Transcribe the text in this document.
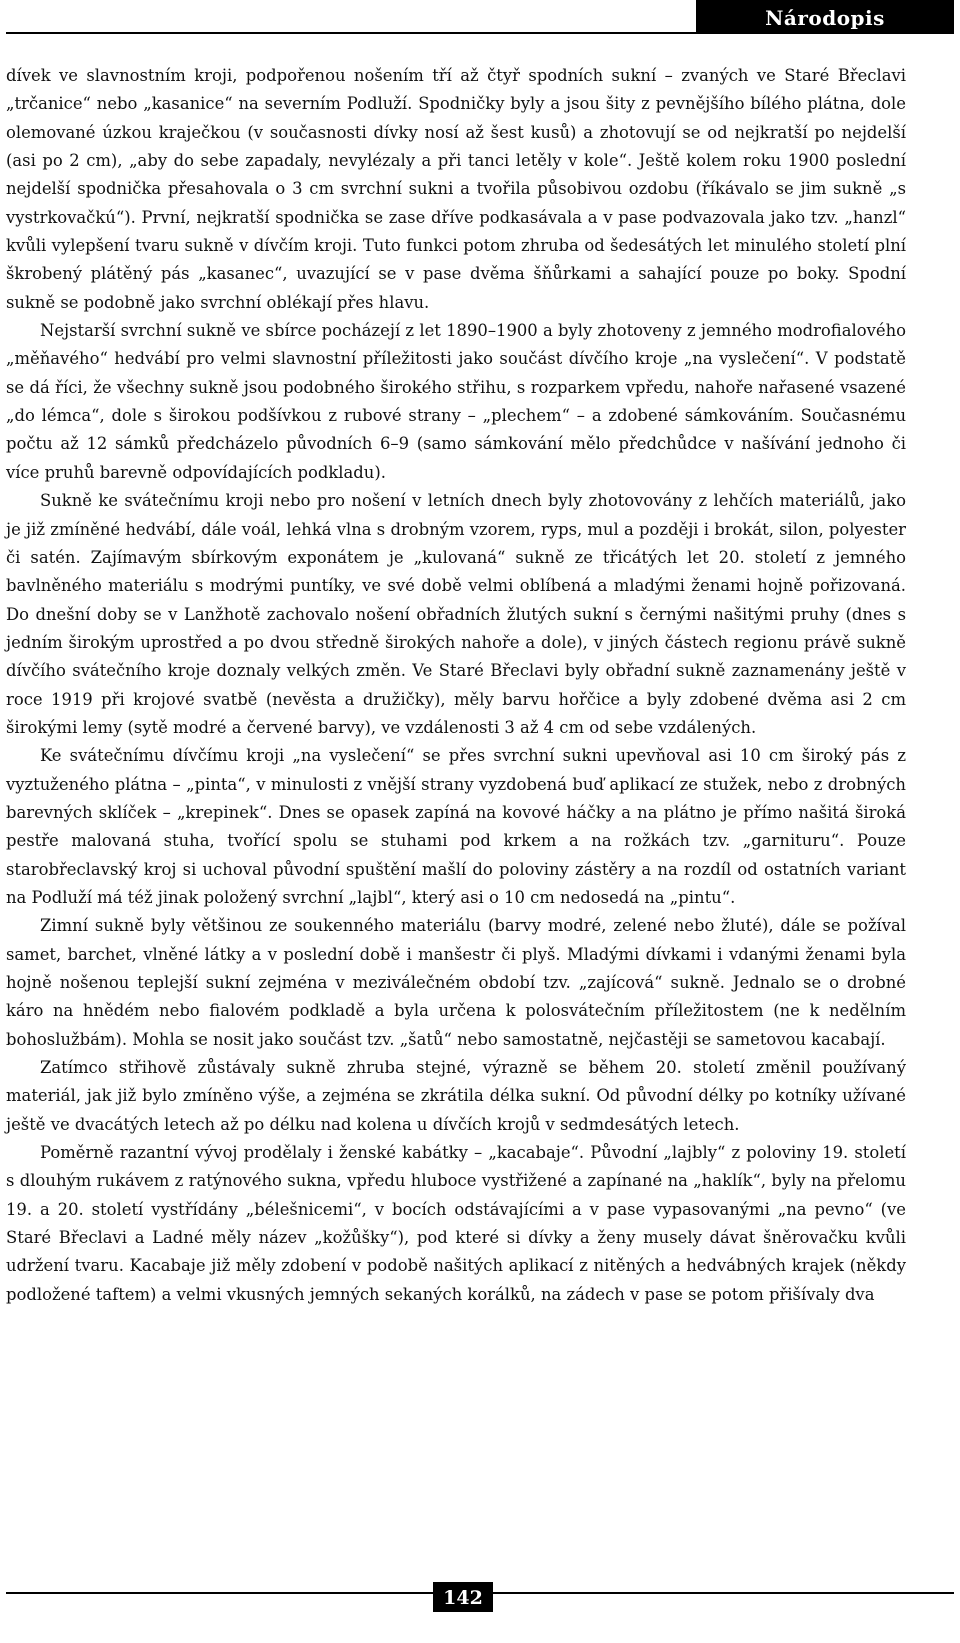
Národopis

dívek ve slavnostním kroji, podpořenou nošením tří až čtyř spodních suknı́ – zvaných ve Staré Břeclavi „trčanice“ nebo „kasanice“ na severním Podluží. Spodničky byly a jsou šity z pevnějšího bílého plátna, dole olemované úzkou kraječkou (v současnosti dívky nosí až šest kusů) a zhotovují se od nejkratší po nejdelší (asi po 2 cm), „aby do sebe zapadaly, nevylézaly a při tanci letěly v kole“. Ještě kolem roku 1900 poslední nejdelší spodnička přesahovala o 3 cm svrchní sukni a tvořila působivou ozdobu (říkávalo se jim sukně „s vystrkovačkú“). První, nejkratší spodnička se zase dříve podkasávala a v pase podvazovala jako tzv. „hanzl“ kvůli vylepšení tvaru sukně v dívčím kroji. Tuto funkci potom zhruba od šedesátých let minulého století plní škrobený plátěný pás „kasanec“, uvazující se v pase dvěma šňůrkami a sahající pouze po boky. Spodní sukně se podobně jako svrchní oblékají přes hlavu.

Nejstarší svrchní sukně ve sbírce pocházejí z let 1890–1900 a byly zhotoveny z jemného modrofialového „měňavého“ hedvábí pro velmi slavnostní příležitosti jako součást dívčího kroje „na vyslečení“. V podstatě se dá říci, že všechny sukně jsou podobného širokého střihu, s rozparkem vpředu, nahoře nařasené vsazené „do lémca“, dole s širokou podšívkou z rubové strany – „plechem“ – a zdobené sámkováním. Současnému počtu až 12 sámků předcházelo původních 6–9 (samo sámkování mělo předchůdce v našívání jednoho či více pruhů barevně odpovídajících podkladu).

Sukně ke svátečnímu kroji nebo pro nošení v letních dnech byly zhotovovány z lehčích materiálů, jako je již zmíněné hedvábí, dále voál, lehká vlna s drobným vzorem, ryps, mul a později i brokát, silon, polyester či satén. Zajímavým sbírkovým exponátem je „kulovaná“ sukně ze třicátých let 20. století z jemného bavlněného materiálu s modrými puntíky, ve své době velmi oblíbená a mladými ženami hojně pořizovaná. Do dnešní doby se v Lanžhotě zachovalo nošení obřadních žlutých sukní s černými našitými pruhy (dnes s jedním širokým uprostřed a po dvou středně širokých nahoře a dole), v jiných částech regionu právě sukně dívčího svátečního kroje doznaly velkých změn. Ve Staré Břeclavi byly obřadní sukně zaznamenány ještě v roce 1919 při krojové svatbě (nevěsta a družičky), měly barvu hořčice a byly zdobené dvěma asi 2 cm širokými lemy (sytě modré a červené barvy), ve vzdálenosti 3 až 4 cm od sebe vzdálených.

Ke svátečnímu dívčímu kroji „na vyslečení“ se přes svrchní sukni upevňoval asi 10 cm široký pás z vyztuženého plátna – „pinta“, v minulosti z vnější strany vyzdobená buď aplikací ze stužek, nebo z drobných barevných sklíček – „krepinek“. Dnes se opasek zapíná na kovové háčky a na plátno je přímo našitá široká pestře malovaná stuha, tvořící spolu se stuhami pod krkem a na rožkách tzv. „garnituru“. Pouze starobřeclavský kroj si uchoval původní spuštění mašlí do poloviny zástěry a na rozdíl od ostatních variant na Podluží má též jinak položený svrchní „lajbl“, který asi o 10 cm nedosedá na „pintu“.

Zimní sukně byly většinou ze soukenného materiálu (barvy modré, zelené nebo žluté), dále se požíval samet, barchet, vlněné látky a v poslední době i manšestr či plyš. Mladými dívkami i vdanými ženami byla hojně nošenou teplejší sukní zejména v meziválečném období tzv. „zajícová“ sukně. Jednalo se o drobné káro na hnědém nebo fialovém podkladě a byla určena k polosvátečním příležitostem (ne k nedělním bohoslužbám). Mohla se nosit jako součást tzv. „šatů“ nebo samostatně, nejčastěji se sametovou kacabají.

Zatímco střihově zůstávaly sukně zhruba stejné, výrazně se během 20. století změnil používaný materiál, jak již bylo zmíněno výše, a zejména se zkrátila délka sukní. Od původní délky po kotníky užívané ještě ve dvacátých letech až po délku nad kolena u dívčích krojů v sedmdesátých letech.

Poměrně razantní vývoj prodělaly i ženské kabátky – „kacabaje“. Původní „lajbly“ z poloviny 19. století s dlouhým rukávem z ratýnového sukna, vpředu hluboce vystřižené a zapínané na „haklík“, byly na přelomu 19. a 20. století vystřídány „bélešnicemi“, v bocích odstávajícími a v pase vypasovanými „na pevno“ (ve Staré Břeclavi a Ladné měly název „kožůšky“), pod které si dívky a ženy musely dávat šněrovačku kvůli udržení tvaru. Kacabaje již měly zdobení v podobě našitých aplikací z nitěných a hedvábných krajek (někdy podložené taftem) a velmi vkusných jemných sekaných korálků, na zádech v pase se potom přišívaly dva

142
